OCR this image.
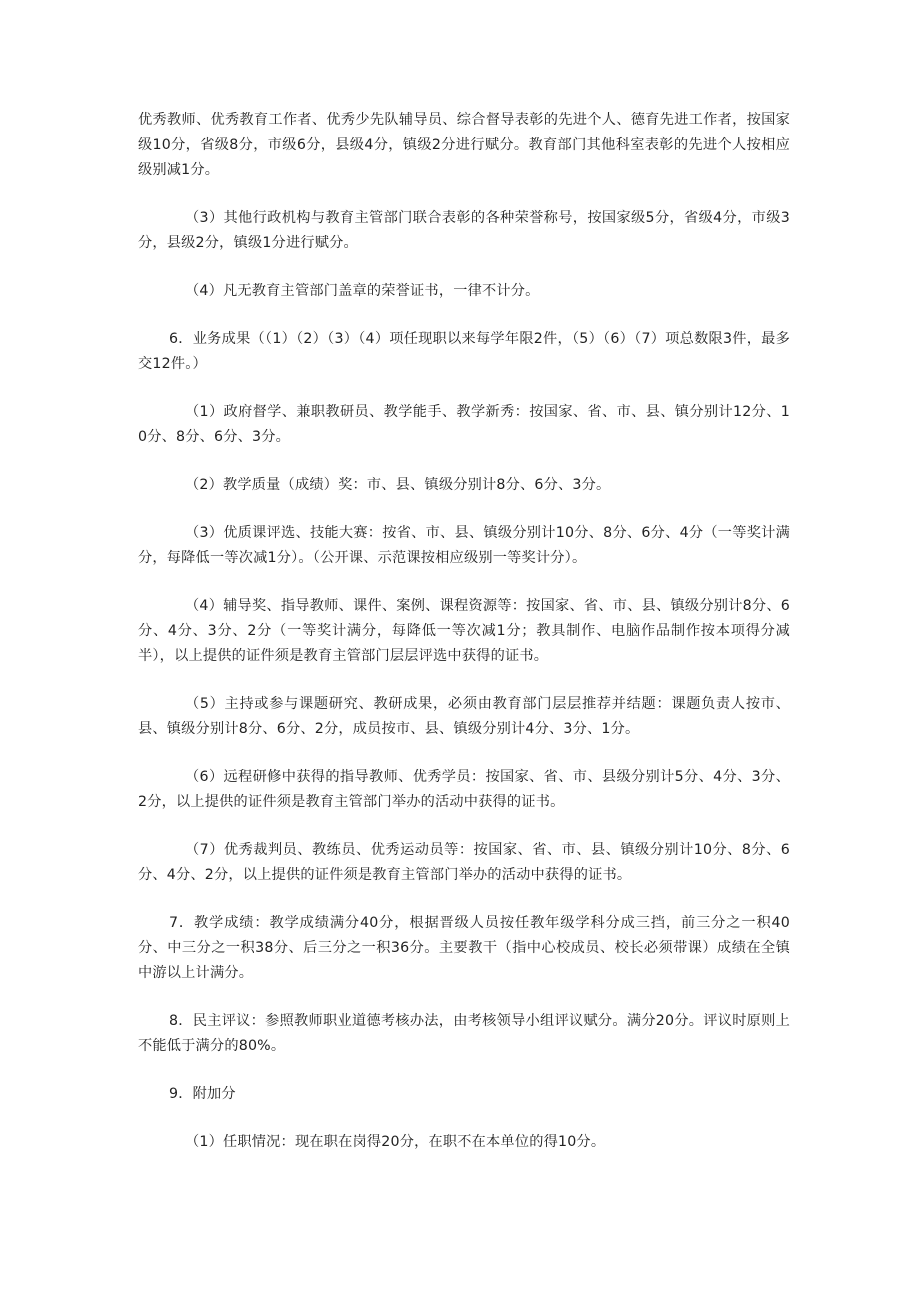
优秀教师、优秀教育工作者、优秀少先队辅导员、综合督导表彰的先进个人、德育先进工作者，按国家级10分，省级8分，市级6分，县级4分，镇级2分进行赋分。教育部门其他科室表彰的先进个人按相应级别减1分。

（3）其他行政机构与教育主管部门联合表彰的各种荣誉称号，按国家级5分，省级4分，市级3分，县级2分，镇级1分进行赋分。

（4）凡无教育主管部门盖章的荣誉证书，一律不计分。

6．业务成果（（1）（2）（3）（4）项任现职以来每学年限2件，（5）（6）（7）项总数限3件，最多交12件。）

（1）政府督学、兼职教研员、教学能手、教学新秀：按国家、省、市、县、镇分别计12分、10分、8分、6分、3分。

（2）教学质量（成绩）奖：市、县、镇级分别计8分、6分、3分。

（3）优质课评选、技能大赛：按省、市、县、镇级分别计10分、8分、6分、4分（一等奖计满分，每降低一等次减1分）。（公开课、示范课按相应级别一等奖计分）。

（4）辅导奖、指导教师、课件、案例、课程资源等：按国家、省、市、县、镇级分别计8分、6分、4分、3分、2分（一等奖计满分，每降低一等次减1分；教具制作、电脑作品制作按本项得分减半），以上提供的证件须是教育主管部门层层评选中获得的证书。

（5）主持或参与课题研究、教研成果，必须由教育部门层层推荐并结题：课题负责人按市、县、镇级分别计8分、6分、2分，成员按市、县、镇级分别计4分、3分、1分。

（6）远程研修中获得的指导教师、优秀学员：按国家、省、市、县级分别计5分、4分、3分、2分，以上提供的证件须是教育主管部门举办的活动中获得的证书。

（7）优秀裁判员、教练员、优秀运动员等：按国家、省、市、县、镇级分别计10分、8分、6分、4分、2分，以上提供的证件须是教育主管部门举办的活动中获得的证书。

7．教学成绩：教学成绩满分40分，根据晋级人员按任教年级学科分成三挡，前三分之一积40分、中三分之一积38分、后三分之一积36分。主要教干（指中心校成员、校长必须带课）成绩在全镇中游以上计满分。

8．民主评议：参照教师职业道德考核办法，由考核领导小组评议赋分。满分20分。评议时原则上不能低于满分的80%。

9．附加分

（1）任职情况：现在职在岗得20分，在职不在本单位的得10分。
